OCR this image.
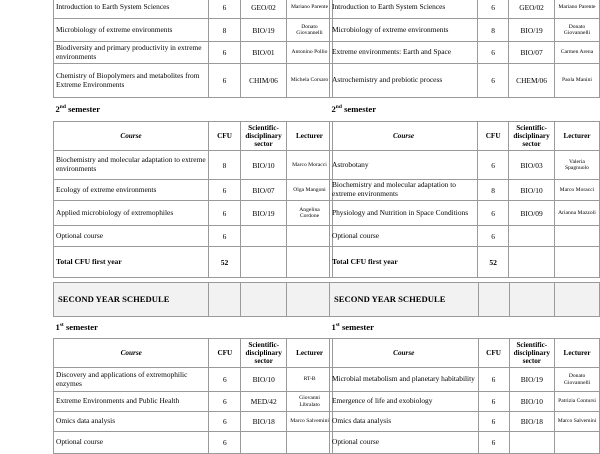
Introduction to Earth System Sciences	6	GEO/02	Mariano Parente
Microbiology of extreme environments	8	BIO/19	Donato Giovannelli
Biodiversity and primary productivity in extreme environments	6	BIO/01	Antonino Pollio
Chemistry of Biopolymers and metabolites from Extreme Environments	6	CHIM/06	Michela Corsaro
2nd semester			
Course	CFU	Scientific-disciplinary sector	Lecturer
Biochemistry and molecular adaptation to extreme environments	8	BIO/10	Marco Moracci
Ecology of extreme environments	6	BIO/07	Olga Mangoni
Applied microbiology of extremophiles	6	BIO/19	Angelina Cordone
Optional course	6		
Total CFU first year	52		
SECOND YEAR SCHEDULE			
1st semester			
Course	CFU	Scientific-disciplinary sector	Lecturer
Discovery and applications of extremophilic enzymes	6	BIO/10	RT-B
Extreme Environments and Public Health	6	MED/42	Giovanni Libralato
Omics data analysis	6	BIO/18	Marco Salvemini
Optional course	6		
Introduction to Earth System Sciences	6	GEO/02	Mariano Parente
Microbiology of extreme environments	8	BIO/19	Donato Giovannelli
Extreme environments: Earth and Space	6	BIO/07	Carmen Arena
Astrochemistry and prebiotic process	6	CHEM/06	Paola Manini
2nd semester			
Course	CFU	Scientific-disciplinary sector	Lecturer
Astrobotany	6	BIO/03	Valeria Spagnuolo
Biochemistry and molecular adaptation to extreme environments	8	BIO/10	Marco Moracci
Physiology and Nutrition in Space Conditions	6	BIO/09	Arianna Mazzoli
Optional course	6		
Total CFU first year	52		
SECOND YEAR SCHEDULE			
1st semester			
Course	CFU	Scientific-disciplinary sector	Lecturer
Microbial metabolism and planetary habitability	6	BIO/19	Donato Giovannelli
Emergence of life and exobiology	6	BIO/10	Patrizia Contursi
Omics data analysis	6	BIO/18	Marco Salvemini
Optional course	6		
